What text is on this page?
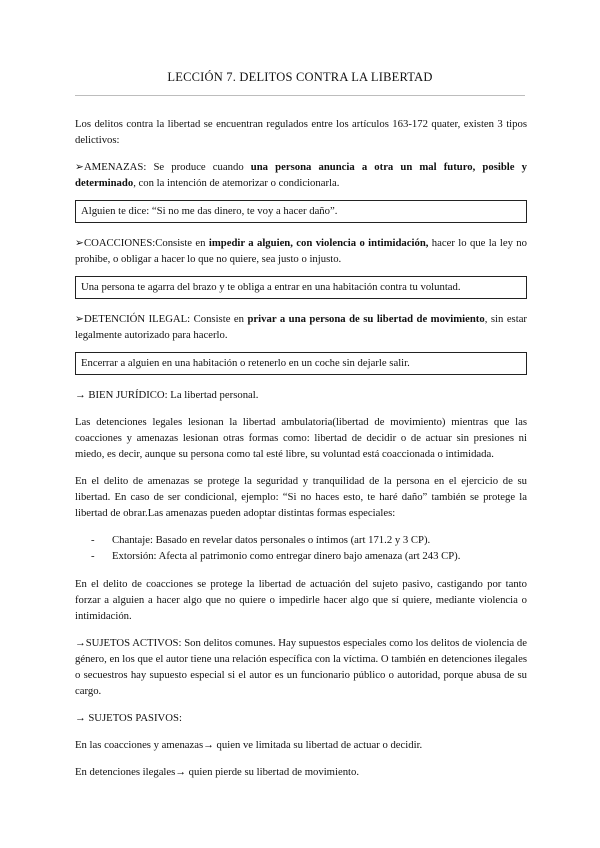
LECCIÓN 7. DELITOS CONTRA LA LIBERTAD

Los delitos contra la libertad se encuentran regulados entre los artículos 163-172 quater, existen 3 tipos delictivos:

➢AMENAZAS: Se produce cuando una persona anuncia a otra un mal futuro, posible y determinado, con la intención de atemorizar o condicionarla.

Alguien te dice: “Si no me das dinero, te voy a hacer daño”.

➢COACCIONES:Consiste en impedir a alguien, con violencia o intimidación, hacer lo que la ley no prohibe, o obligar a hacer lo que no quiere, sea justo o injusto.

Una persona te agarra del brazo y te obliga a entrar en una habitación contra tu voluntad.

➢DETENCIÓN ILEGAL: Consiste en privar a una persona de su libertad de movimiento, sin estar legalmente autorizado para hacerlo.

Encerrar a alguien en una habitación o retenerlo en un coche sin dejarle salir.

→ BIEN JURÍDICO: La libertad personal.

Las detenciones legales lesionan la libertad ambulatoria(libertad de movimiento) mientras que las coacciones y amenazas lesionan otras formas como: libertad de decidir o de actuar sin presiones ni miedo, es decir, aunque su persona como tal esté libre, su voluntad está coaccionada o intimidada.

En el delito de amenazas se protege la seguridad y tranquilidad de la persona en el ejercicio de su libertad. En caso de ser condicional, ejemplo: “Si no haces esto, te haré daño” también se protege la libertad de obrar.Las amenazas pueden adoptar distintas formas especiales:

- Chantaje: Basado en revelar datos personales o íntimos (art 171.2 y 3 CP).
- Extorsión: Afecta al patrimonio como entregar dinero bajo amenaza (art 243 CP).

En el delito de coacciones se protege la libertad de actuación del sujeto pasivo, castigando por tanto forzar a alguien a hacer algo que no quiere o impedirle hacer algo que sí quiere, mediante violencia o intimidación.

→SUJETOS ACTIVOS: Son delitos comunes. Hay supuestos especiales como los delitos de violencia de género, en los que el autor tiene una relación específica con la víctima. O también en detenciones ilegales o secuestros hay supuesto especial si el autor es un funcionario público o autoridad, porque abusa de su cargo.

→ SUJETOS PASIVOS:

En las coacciones y amenazas→ quien ve limitada su libertad de actuar o decidir.

En detenciones ilegales→ quien pierde su libertad de movimiento.
